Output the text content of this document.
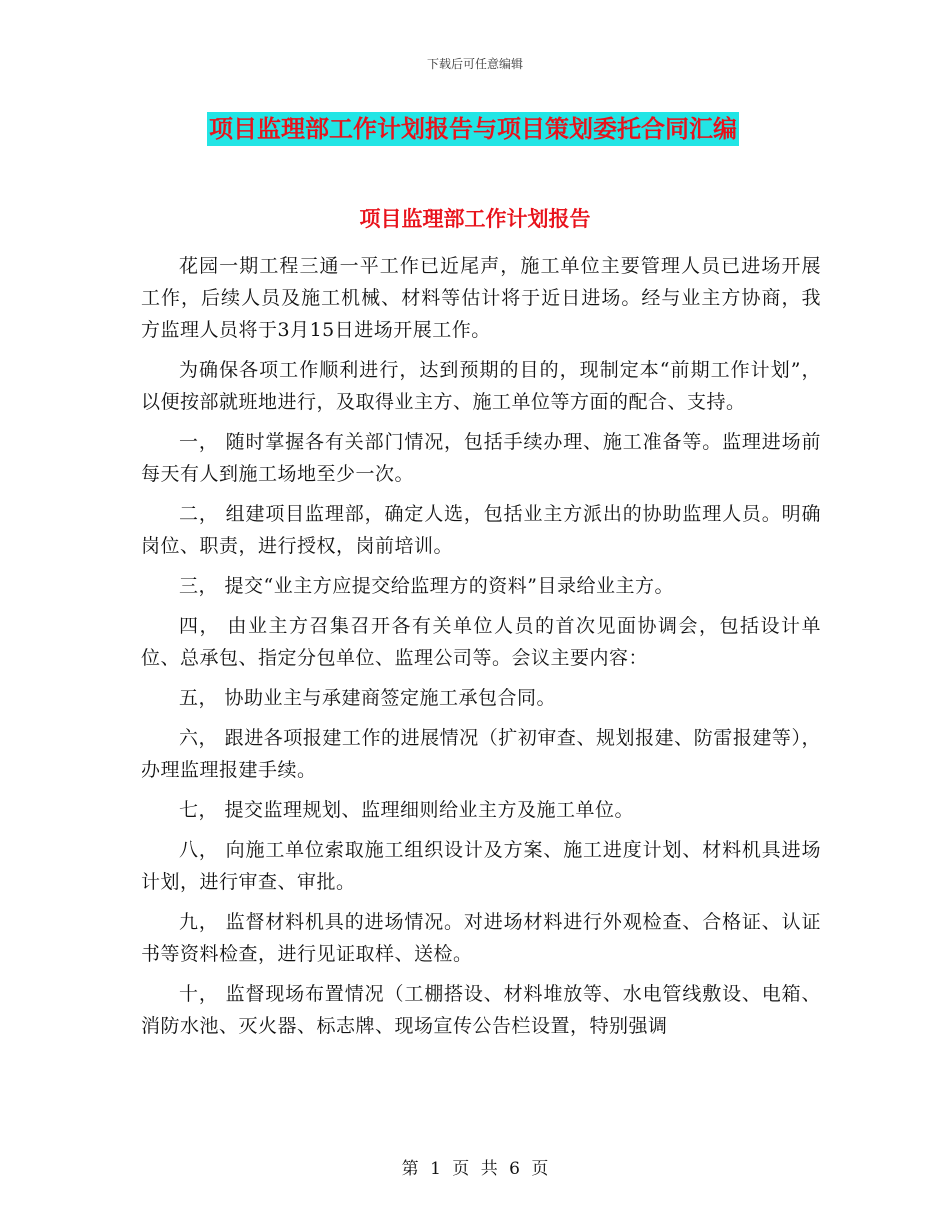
下载后可任意编辑
项目监理部工作计划报告与项目策划委托合同汇编
项目监理部工作计划报告

花园一期工程三通一平工作已近尾声，施工单位主要管理人员已进场开展工作，后续人员及施工机械、材料等估计将于近日进场。经与业主方协商，我方监理人员将于3月15日进场开展工作。

为确保各项工作顺利进行，达到预期的目的，现制定本“前期工作计划”，以便按部就班地进行，及取得业主方、施工单位等方面的配合、支持。

一， 随时掌握各有关部门情况，包括手续办理、施工准备等。监理进场前每天有人到施工场地至少一次。

二， 组建项目监理部，确定人选，包括业主方派出的协助监理人员。明确岗位、职责，进行授权，岗前培训。

三， 提交“业主方应提交给监理方的资料”目录给业主方。

四， 由业主方召集召开各有关单位人员的首次见面协调会，包括设计单位、总承包、指定分包单位、监理公司等。会议主要内容：

五， 协助业主与承建商签定施工承包合同。

六， 跟进各项报建工作的进展情况（扩初审查、规划报建、防雷报建等），办理监理报建手续。

七， 提交监理规划、监理细则给业主方及施工单位。

八， 向施工单位索取施工组织设计及方案、施工进度计划、材料机具进场计划，进行审查、审批。

九， 监督材料机具的进场情况。对进场材料进行外观检查、合格证、认证书等资料检查，进行见证取样、送检。

十， 监督现场布置情况（工棚搭设、材料堆放等、水电管线敷设、电箱、消防水池、灭火器、标志牌、现场宣传公告栏设置，特别强调

第 1 页 共 6 页
